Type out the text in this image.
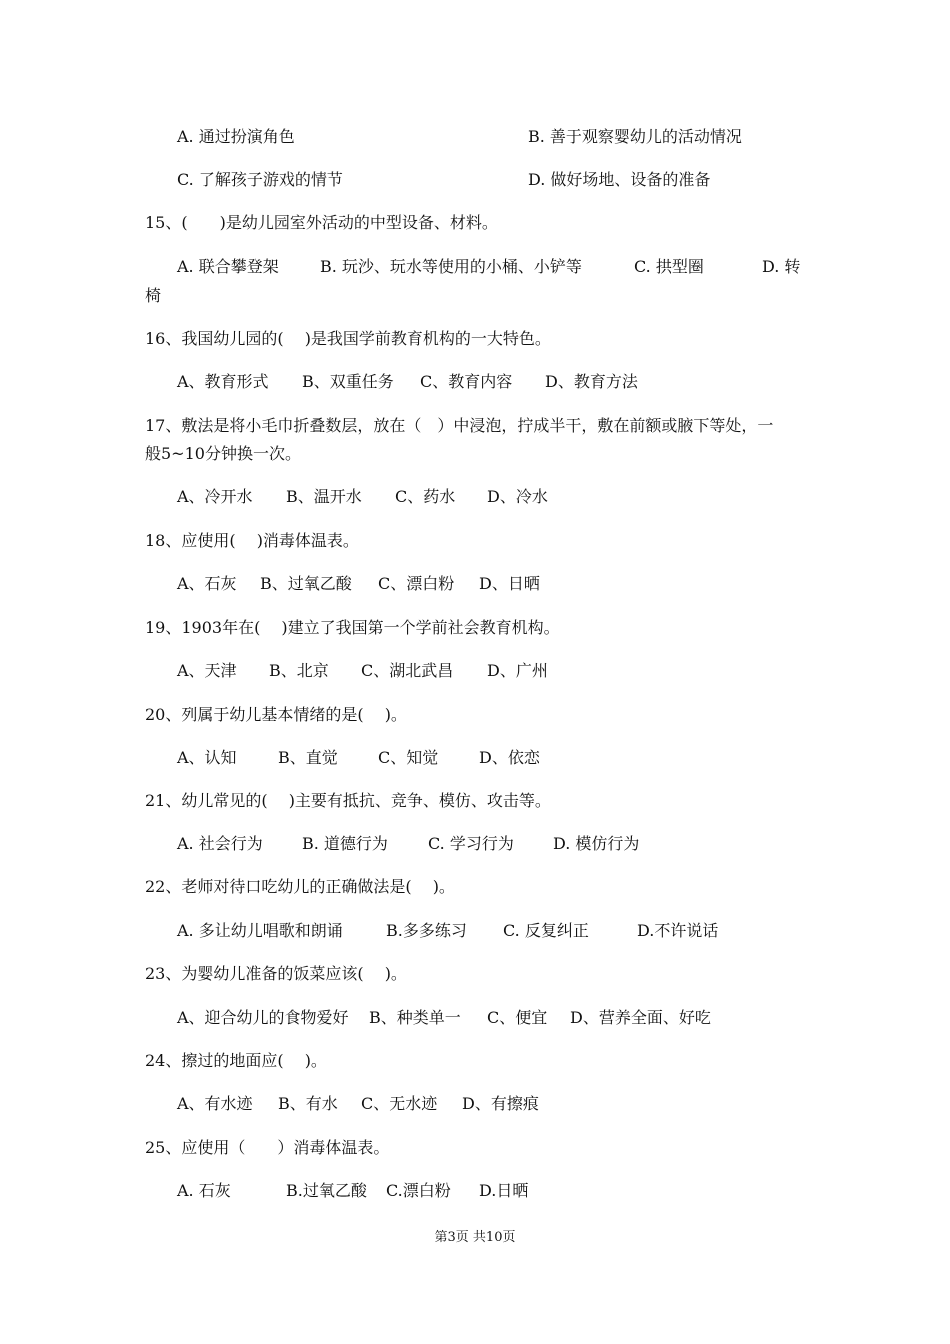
A. 通过扮演角色	B. 善于观察婴幼儿的活动情况
C. 了解孩子游戏的情节	D. 做好场地、设备的准备
15、(　　)是幼儿园室外活动的中型设备、材料。
A. 联合攀登架	B. 玩沙、玩水等使用的小桶、小铲等	C. 拱型圈	D. 转
椅
16、我国幼儿园的(　 )是我国学前教育机构的一大特色。
A、教育形式 B、双重任务 C、教育内容 D、教育方法
17、敷法是将小毛巾折叠数层，放在（　）中浸泡，拧成半干，敷在前额或腋下等处，一
般5~10分钟换一次。
A、冷开水 B、温开水 C、药水 D、冷水
18、应使用(　 )消毒体温表。
A、石灰 B、过氧乙酸 C、漂白粉 D、日晒
19、1903年在(　 )建立了我国第一个学前社会教育机构。
A、天津 B、北京 C、湖北武昌 D、广州
20、列属于幼儿基本情绪的是(　 )。
A、认知	B、直觉	C、知觉	D、依恋
21、幼儿常见的(　 )主要有抵抗、竞争、模仿、攻击等。
A. 社会行为 B. 道德行为	C. 学习行为 D. 模仿行为
22、老师对待口吃幼儿的正确做法是(　 )。
A. 多让幼儿唱歌和朗诵	B.多多练习 C. 反复纠正	D.不许说话
23、为婴幼儿准备的饭菜应该(　 )。
A、迎合幼儿的食物爱好 B、种类单一 C、便宜 D、营养全面、好吃
24、擦过的地面应(　 )。
A、有水迹 B、有水 C、无水迹 D、有擦痕
25、应使用（　　）消毒体温表。
A. 石灰	B.过氧乙酸 C.漂白粉 D.日晒
第3页 共10页
